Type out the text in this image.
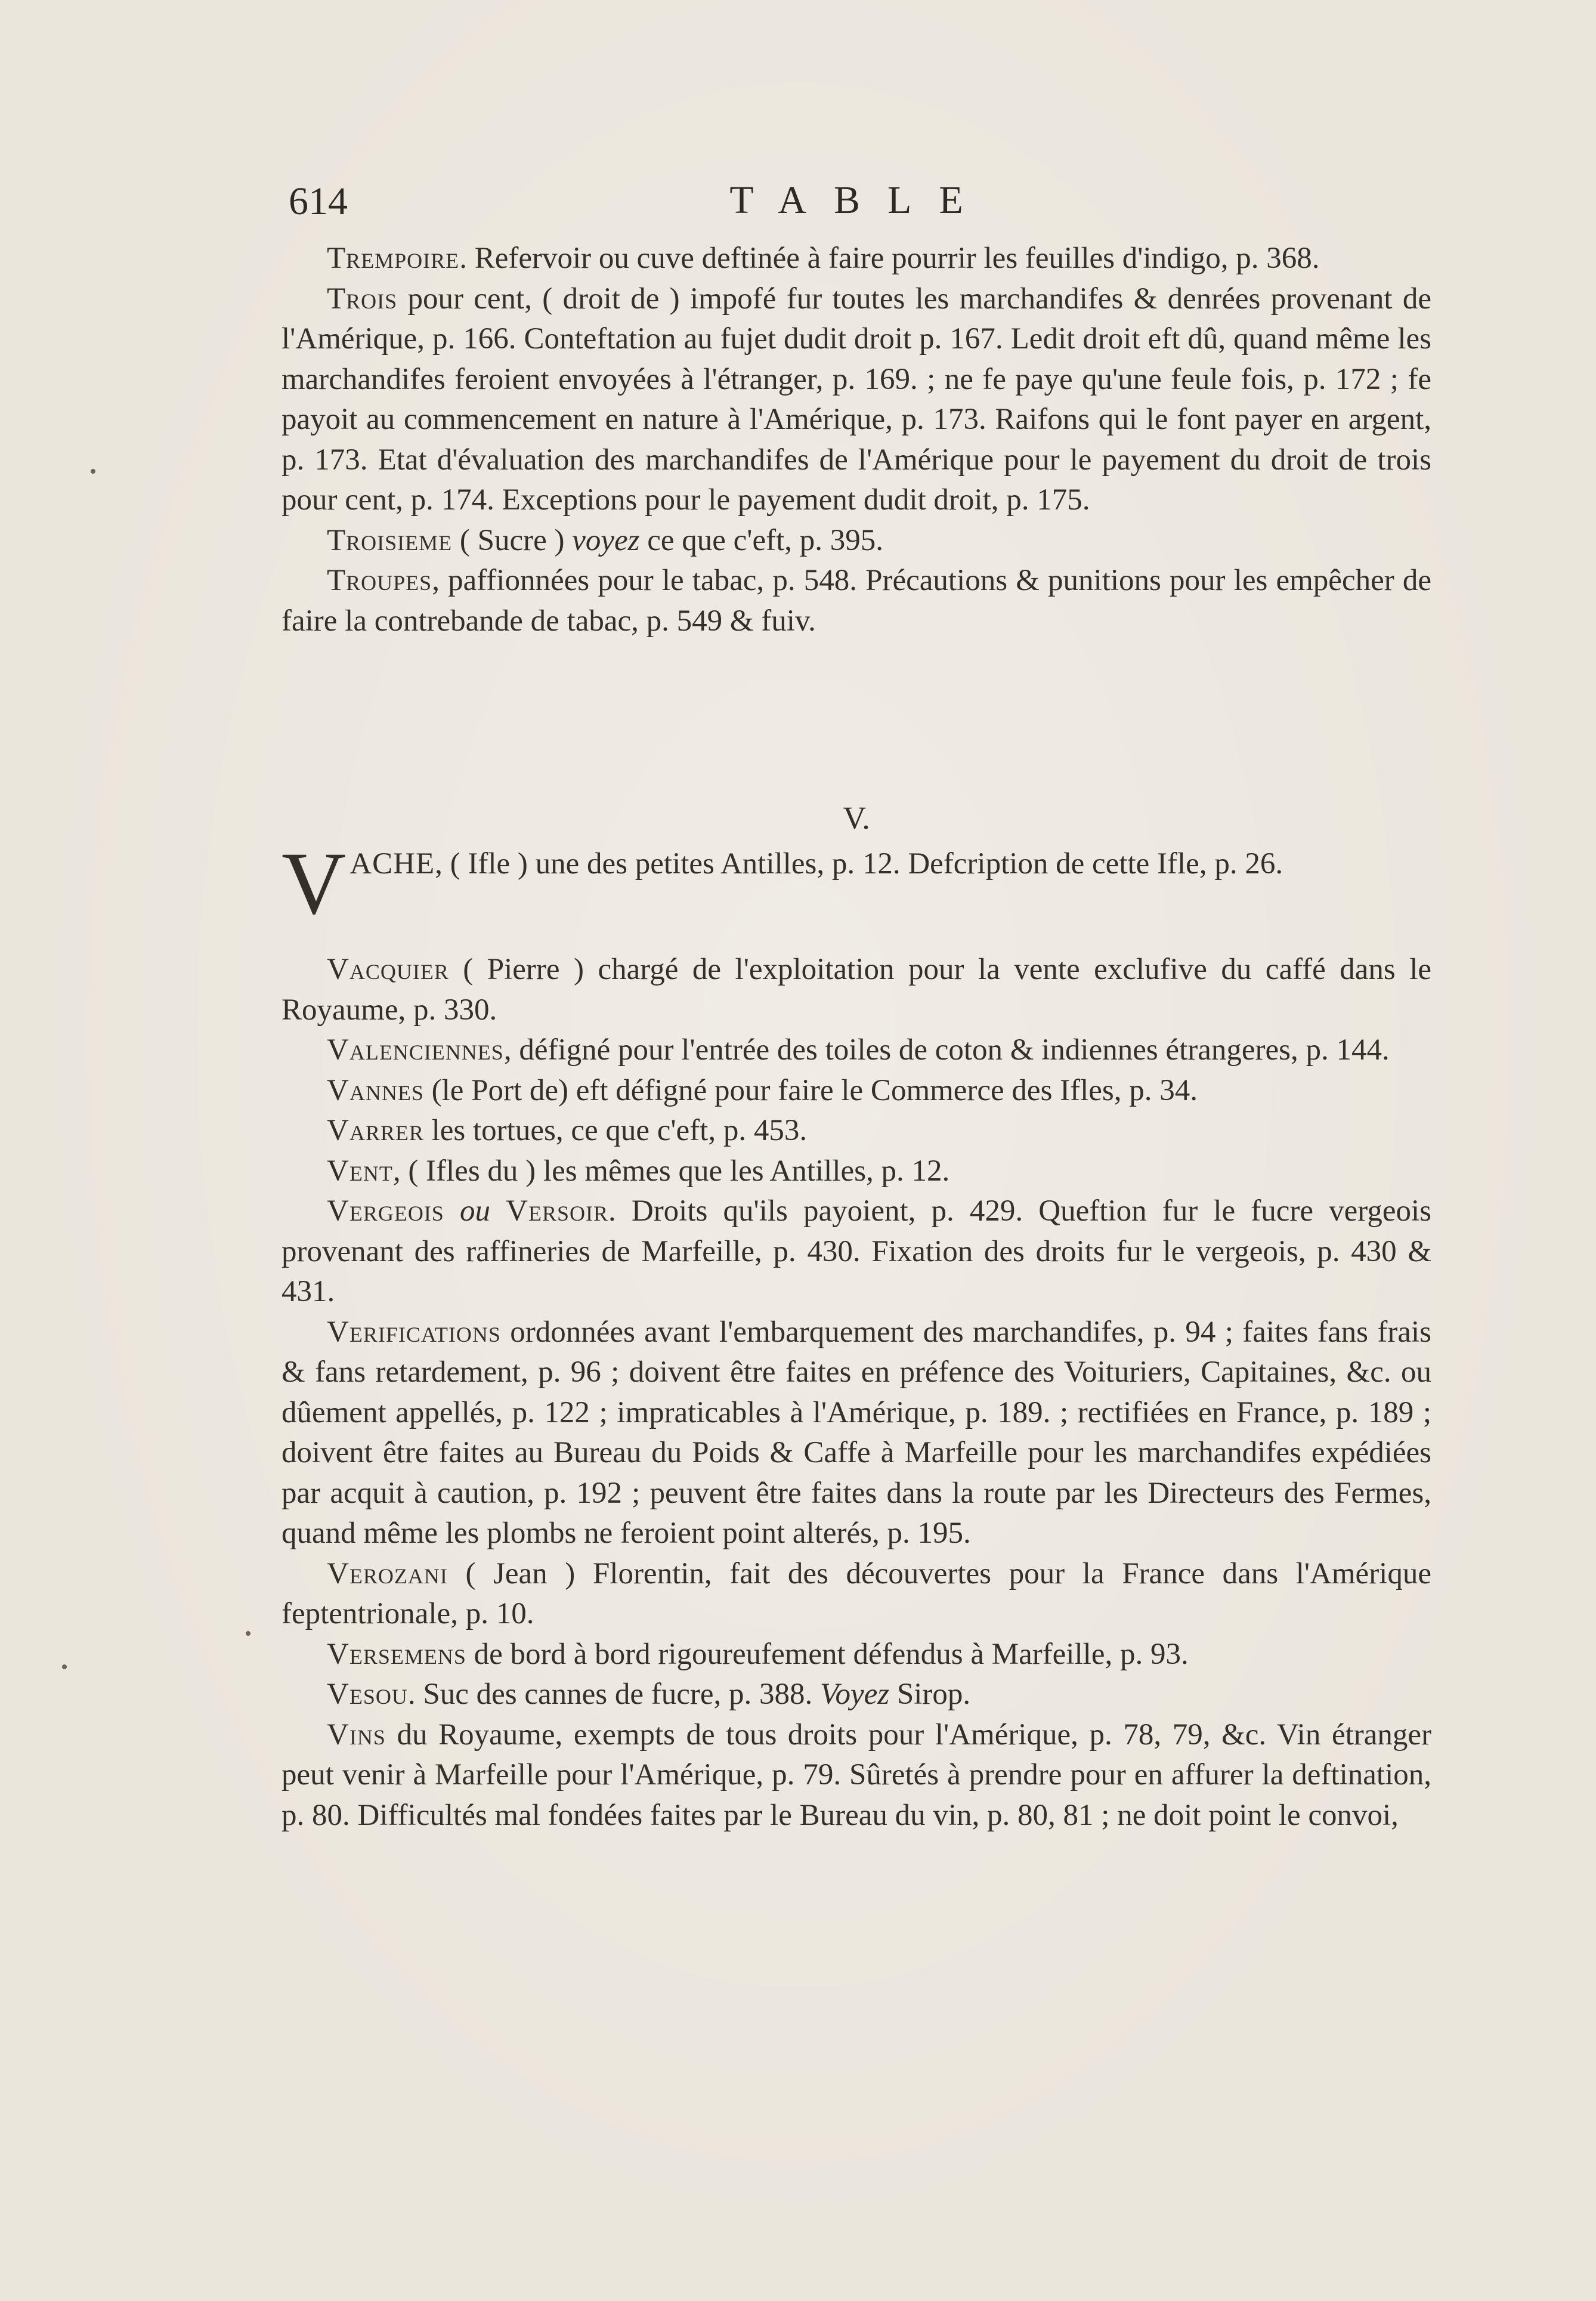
614	TABLE

Trempoire. Refervoir ou cuve deftinée à faire pourrir les feuilles d'indigo, p. 368.

Trois pour cent, ( droit de ) impofé fur toutes les marchandifes & denrées provenant de l'Amérique, p. 166. Conteftation au fujet dudit droit p. 167. Ledit droit eft dû, quand même les marchandifes feroient envoyées à l'étranger, p. 169. ; ne fe paye qu'une feule fois, p. 172 ; fe payoit au commencement en nature à l'Amérique, p. 173. Raifons qui le font payer en argent, p. 173. Etat d'évaluation des marchandifes de l'Amérique pour le payement du droit de trois pour cent, p. 174. Exceptions pour le payement dudit droit, p. 175.

Troisieme ( Sucre ) voyez ce que c'eft, p. 395.

Troupes, paffionnées pour le tabac, p. 548. Précautions & punitions pour les empêcher de faire la contrebande de tabac, p. 549 & fuiv.

V.
VACHE, ( Ifle ) une des petites Antilles, p. 12. Defcription de cette Ifle, p. 26.

Vacquier ( Pierre ) chargé de l'exploitation pour la vente exclufive du caffé dans le Royaume, p. 330.

Valenciennes, défigné pour l'entrée des toiles de coton & indiennes étrangeres, p. 144.

Vannes (le Port de) eft défigné pour faire le Commerce des Ifles, p. 34.

Varrer les tortues, ce que c'eft, p. 453.

Vent, ( Ifles du ) les mêmes que les Antilles, p. 12.

Vergeois ou Versoir. Droits qu'ils payoient, p. 429. Queftion fur le fucre vergeois provenant des raffineries de Marfeille, p. 430. Fixation des droits fur le vergeois, p. 430 & 431.

Verifications ordonnées avant l'embarquement des marchandifes, p. 94 ; faites fans frais & fans retardement, p. 96 ; doivent être faites en préfence des Voituriers, Capitaines, &c. ou dûement appellés, p. 122 ; impraticables à l'Amérique, p. 189. ; rectifiées en France, p. 189 ; doivent être faites au Bureau du Poids & Caffe à Marfeille pour les marchandifes expédiées par acquit à caution, p. 192 ; peuvent être faites dans la route par les Directeurs des Fermes, quand même les plombs ne feroient point alterés, p. 195.

Verozani ( Jean ) Florentin, fait des découvertes pour la France dans l'Amérique feptentrionale, p. 10.

Versemens de bord à bord rigoureufement défendus à Marfeille, p. 93.

Vesou. Suc des cannes de fucre, p. 388. Voyez Sirop.

Vins du Royaume, exempts de tous droits pour l'Amérique, p. 78, 79, &c. Vin étranger peut venir à Marfeille pour l'Amérique, p. 79. Sûretés à prendre pour en affurer la deftination, p. 80. Difficultés mal fondées faites par le Bureau du vin, p. 80, 81 ; ne doit point le convoi,
